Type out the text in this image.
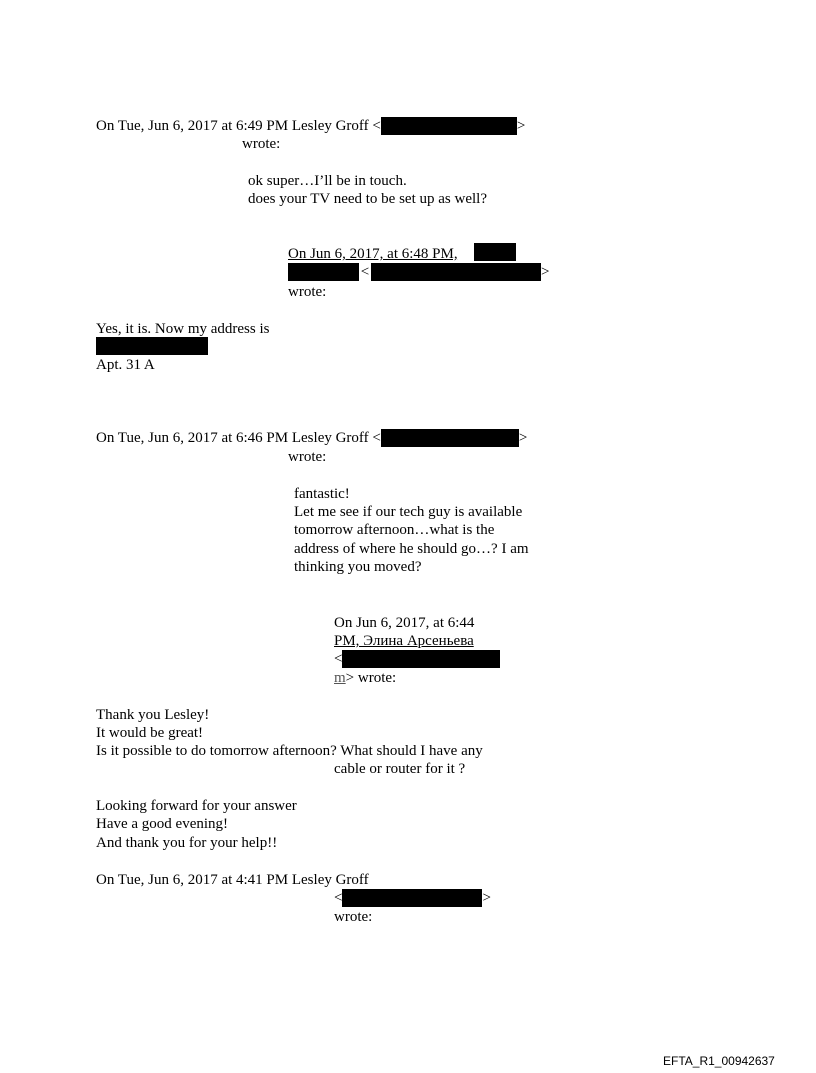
On Tue, Jun 6, 2017 at 6:49 PM Lesley Groff <	>
wrote:
ok super…I’ll be in touch.
does your TV need to be set up as well?
On Jun 6, 2017, at 6:48 PM,
<	>
wrote:
Yes, it is. Now my address is
Apt. 31 A
On Tue, Jun 6, 2017 at 6:46 PM Lesley Groff <	>
wrote:
fantastic!
Let me see if our tech guy is available
tomorrow afternoon…what is the
address of where he should go…? I am
thinking you moved?
On Jun 6, 2017, at 6:44
PM, Элина Арсеньева
<
m> wrote:
Thank you Lesley!
It would be great!
Is it possible to do tomorrow afternoon? What should I have any
cable or router for it ?
Looking forward for your answer
Have a good evening!
And thank you for your help!!
On Tue, Jun 6, 2017 at 4:41 PM Lesley Groff
<	>
wrote:
EFTA_R1_00942637
